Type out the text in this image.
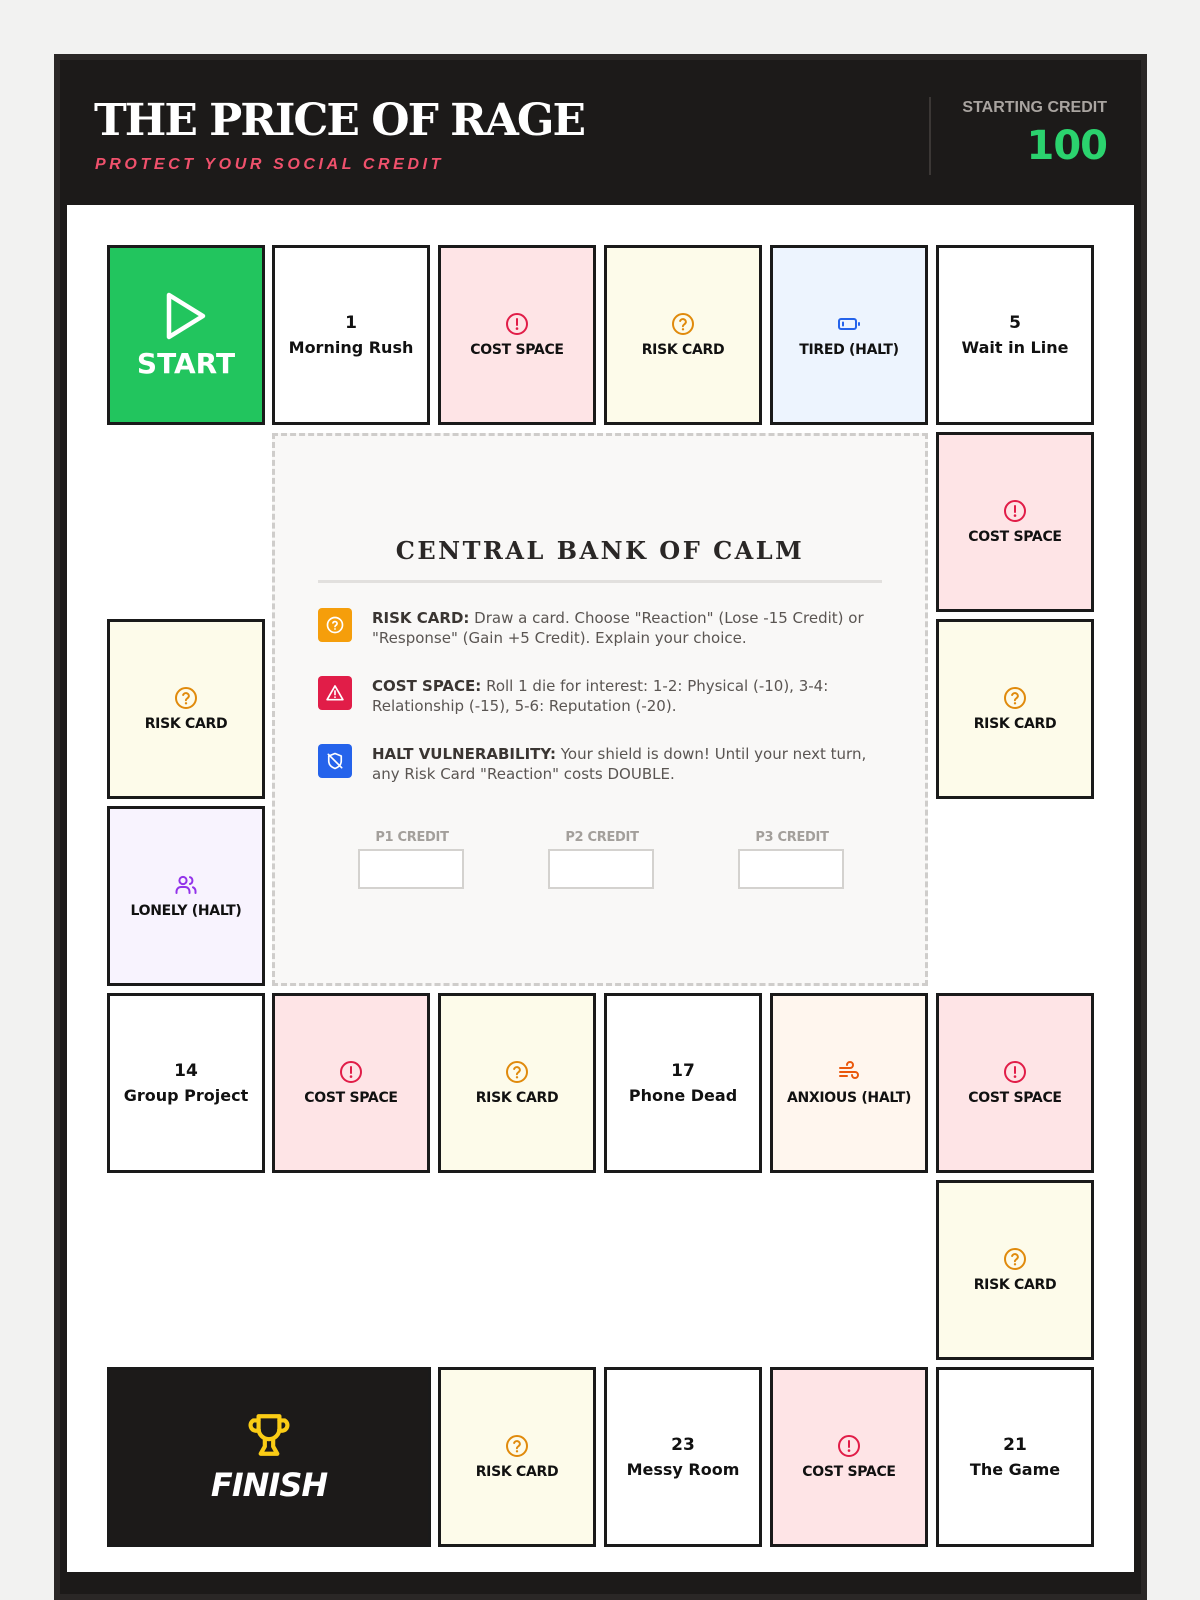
THE PRICE OF RAGE
PROTECT YOUR SOCIAL CREDIT
STARTING CREDIT
100
START
1
Morning Rush	COST SPACE	RISK CARD	TIRED (HALT)
5
Wait in Line
COST SPACE
RISK CARD
RISK CARD
LONELY (HALT)
14
Group Project	COST SPACE	RISK CARD
17
Phone Dead	ANXIOUS (HALT)	COST SPACE
RISK CARD
FINISH	RISK CARD
23
Messy Room	COST SPACE
21
The Game
CENTRAL BANK OF CALM
RISK CARD: Draw a card. Choose "Reaction" (Lose -15 Credit) or "Response" (Gain +5 Credit). Explain your choice.
COST SPACE: Roll 1 die for interest: 1-2: Physical (-10), 3-4: Relationship (-15), 5-6: Reputation (-20).
HALT VULNERABILITY: Your shield is down! Until your next turn, any Risk Card "Reaction" costs DOUBLE.
P1 CREDIT	P2 CREDIT	P3 CREDIT
